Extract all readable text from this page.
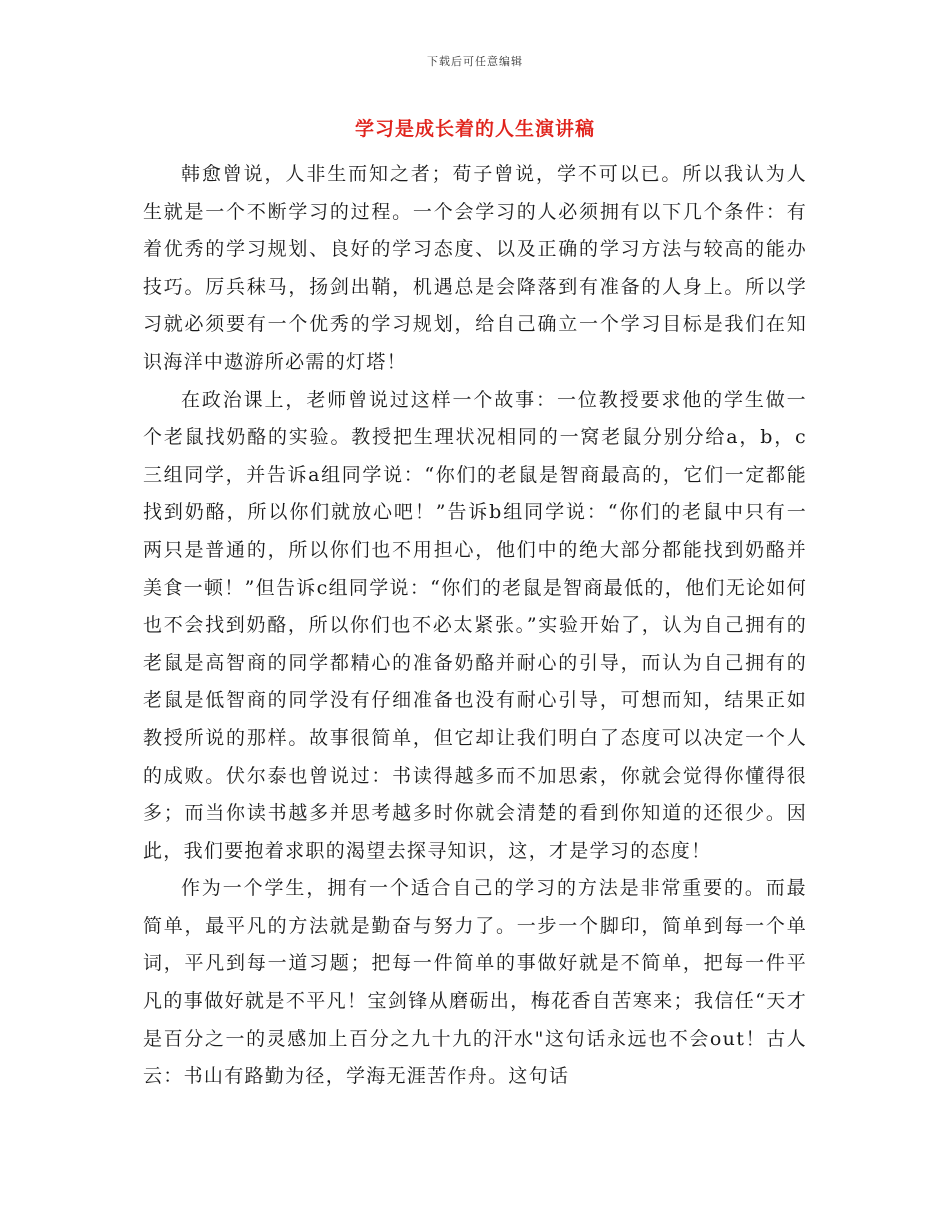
下载后可任意编辑
学习是成长着的人生演讲稿

韩愈曾说，人非生而知之者；荀子曾说，学不可以已。所以我认为人生就是一个不断学习的过程。一个会学习的人必须拥有以下几个条件：有着优秀的学习规划、良好的学习态度、以及正确的学习方法与较高的能办技巧。厉兵秣马，扬剑出鞘，机遇总是会降落到有准备的人身上。所以学习就必须要有一个优秀的学习规划，给自己确立一个学习目标是我们在知识海洋中遨游所必需的灯塔！

在政治课上，老师曾说过这样一个故事：一位教授要求他的学生做一个老鼠找奶酪的实验。教授把生理状况相同的一窝老鼠分别分给a，b，c三组同学，并告诉a组同学说：“你们的老鼠是智商最高的，它们一定都能找到奶酪，所以你们就放心吧！”告诉b组同学说：“你们的老鼠中只有一两只是普通的，所以你们也不用担心，他们中的绝大部分都能找到奶酪并美食一顿！”但告诉c组同学说：“你们的老鼠是智商最低的，他们无论如何也不会找到奶酪，所以你们也不必太紧张。”实验开始了，认为自己拥有的老鼠是高智商的同学都精心的准备奶酪并耐心的引导，而认为自己拥有的老鼠是低智商的同学没有仔细准备也没有耐心引导，可想而知，结果正如教授所说的那样。故事很简单，但它却让我们明白了态度可以决定一个人的成败。伏尔泰也曾说过：书读得越多而不加思索，你就会觉得你懂得很多；而当你读书越多并思考越多时你就会清楚的看到你知道的还很少。因此，我们要抱着求职的渴望去探寻知识，这，才是学习的态度！

作为一个学生，拥有一个适合自己的学习的方法是非常重要的。而最简单，最平凡的方法就是勤奋与努力了。一步一个脚印，简单到每一个单词，平凡到每一道习题；把每一件简单的事做好就是不简单，把每一件平凡的事做好就是不平凡！宝剑锋从磨砺出，梅花香自苦寒来；我信任“天才是百分之一的灵感加上百分之九十九的汗水"这句话永远也不会out！古人云：书山有路勤为径，学海无涯苦作舟。这句话
